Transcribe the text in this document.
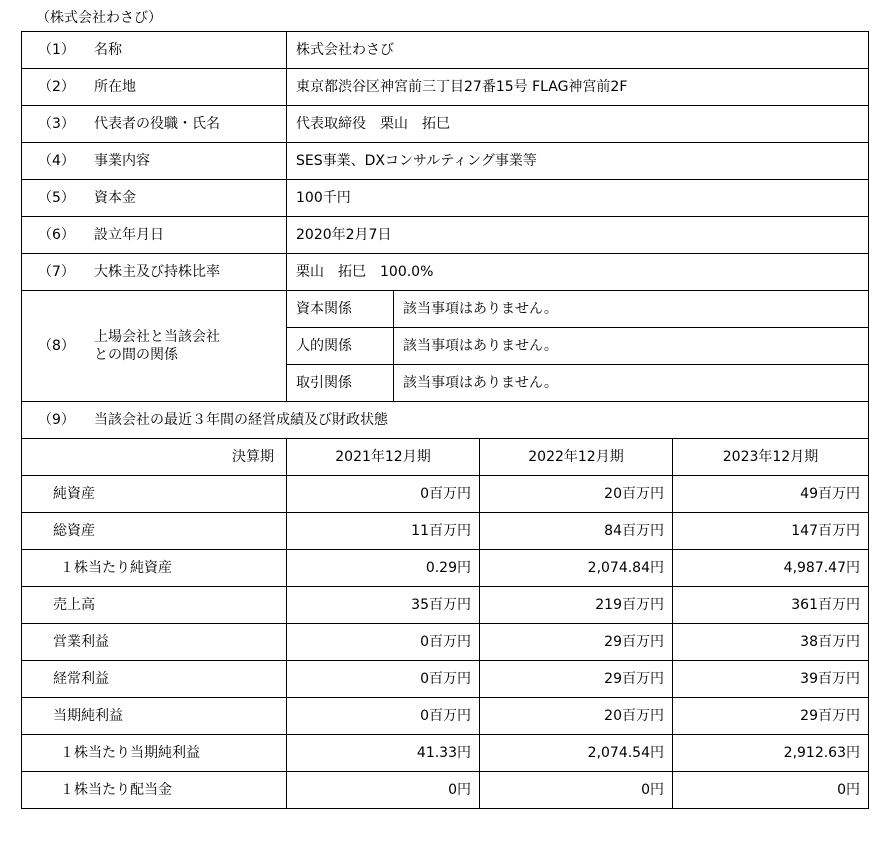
（株式会社わさび）
（1） 名称	株式会社わさび			
（2） 所在地	東京都渋谷区神宮前三丁目27番15号 FLAG神宮前2F			
（3） 代表者の役職・氏名	代表取締役　栗山　拓巳			
（4） 事業内容	SES事業、DXコンサルティング事業等			
（5） 資本金	100千円			
（6） 設立年月日	2020年2月7日			
（7） 大株主及び持株比率	栗山　拓巳　100.0%			
（8）
上場会社と当該会社
との間の関係	資本関係	該当事項はありません。		
	人的関係	該当事項はありません。		
	取引関係	該当事項はありません。		
（9） 当該会社の最近３年間の経営成績及び財政状態				
決算期	2021年12月期		2022年12月期	2023年12月期
純資産	0百万円		20百万円	49百万円
総資産	11百万円		84百万円	147百万円
１株当たり純資産	0.29円		2,074.84円	4,987.47円
売上高	35百万円		219百万円	361百万円
営業利益	0百万円		29百万円	38百万円
経常利益	0百万円		29百万円	39百万円
当期純利益	0百万円		20百万円	29百万円
１株当たり当期純利益	41.33円		2,074.54円	2,912.63円
１株当たり配当金	0円		0円	0円
